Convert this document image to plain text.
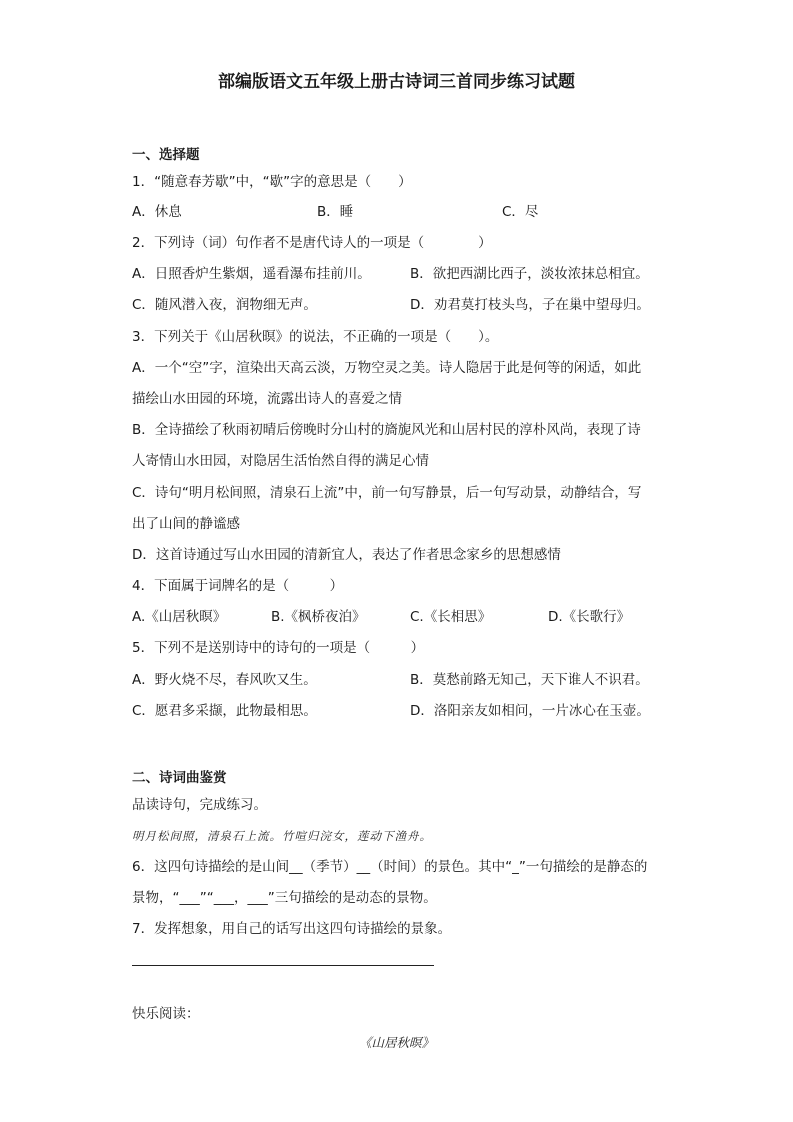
部编版语文五年级上册古诗词三首同步练习试题
一、选择题
1．“随意春芳歇”中，“歇”字的意思是（　　）
A．休息	B．睡	C．尽
2．下列诗（词）句作者不是唐代诗人的一项是（　　　　）
A．日照香炉生紫烟，遥看瀑布挂前川。	B．欲把西湖比西子，淡妆浓抹总相宜。
C．随风潜入夜，润物细无声。	D．劝君莫打枝头鸟，子在巢中望母归。
3．下列关于《山居秋暝》的说法，不正确的一项是（　　）。
A．一个“空”字，渲染出天高云淡，万物空灵之美。诗人隐居于此是何等的闲适，如此
描绘山水田园的环境，流露出诗人的喜爱之情
B．全诗描绘了秋雨初晴后傍晚时分山村的旖旎风光和山居村民的淳朴风尚，表现了诗
人寄情山水田园，对隐居生活怡然自得的满足心情
C．诗句“明月松间照，清泉石上流”中，前一句写静景，后一句写动景，动静结合，写
出了山间的静谧感
D．这首诗通过写山水田园的清新宜人，表达了作者思念家乡的思想感情
4．下面属于词牌名的是（　　　）
A.《山居秋暝》	B.《枫桥夜泊》	C.《长相思》	D.《长歌行》
5．下列不是送别诗中的诗句的一项是（　　　）
A．野火烧不尽，春风吹又生。	B．莫愁前路无知己，天下谁人不识君。
C．愿君多采撷，此物最相思。	D．洛阳亲友如相问，一片冰心在玉壶。
二、诗词曲鉴赏
品读诗句，完成练习。
明月松间照，清泉石上流。竹喧归浣女，莲动下渔舟。
6．这四句诗描绘的是山间__（季节）__（时间）的景色。其中“_”一句描绘的是静态的
景物，“___”“___，___”三句描绘的是动态的景物。
7．发挥想象，用自己的话写出这四句诗描绘的景象。
快乐阅读：
《山居秋暝》
